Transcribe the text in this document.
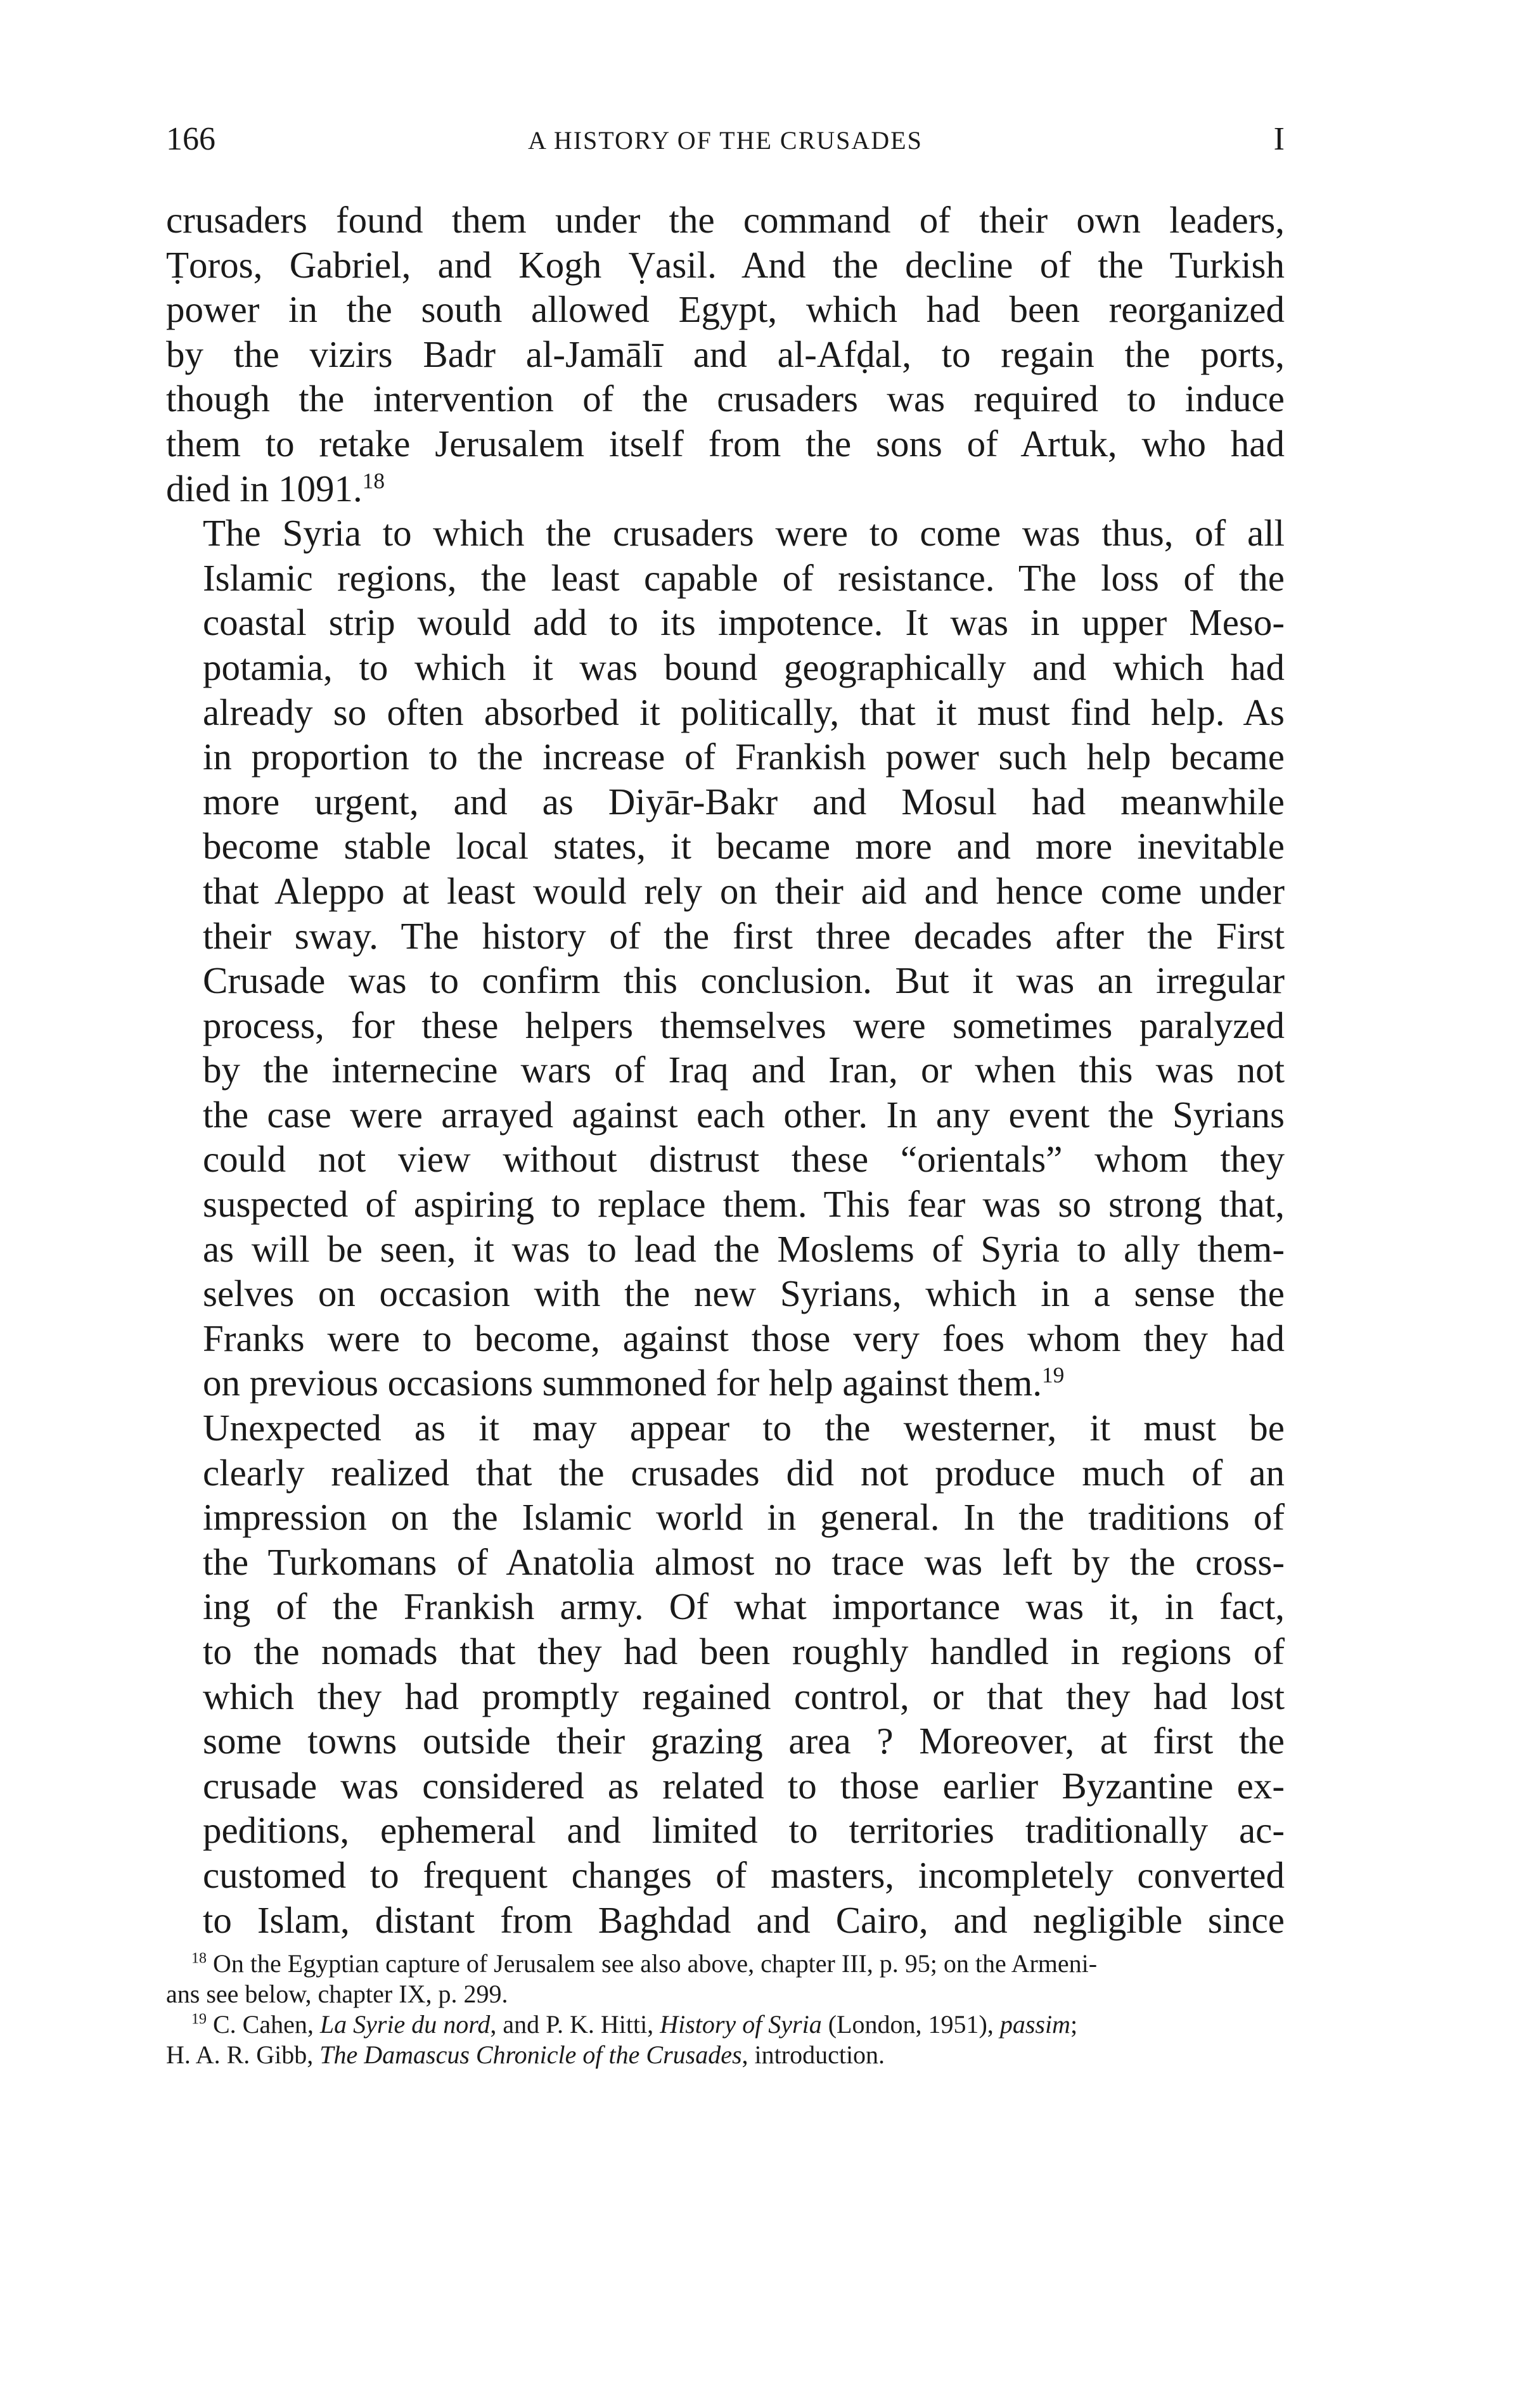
166	A HISTORY OF THE CRUSADES	I

crusaders found them under the command of their own leaders,
Ṭoros, Gabriel, and Kogh Ṿasil. And the decline of the Turkish
power in the south allowed Egypt, which had been reorganized
by the vizirs Badr al-Jamālī and al-Afḍal, to regain the ports,
though the intervention of the crusaders was required to induce
them to retake Jerusalem itself from the sons of Artuk, who had
died in 1091.18

The Syria to which the crusaders were to come was thus, of all
Islamic regions, the least capable of resistance. The loss of the
coastal strip would add to its impotence. It was in upper Meso-
potamia, to which it was bound geographically and which had
already so often absorbed it politically, that it must find help. As
in proportion to the increase of Frankish power such help became
more urgent, and as Diyār-Bakr and Mosul had meanwhile
become stable local states, it became more and more inevitable
that Aleppo at least would rely on their aid and hence come under
their sway. The history of the first three decades after the First
Crusade was to confirm this conclusion. But it was an irregular
process, for these helpers themselves were sometimes paralyzed
by the internecine wars of Iraq and Iran, or when this was not
the case were arrayed against each other. In any event the Syrians
could not view without distrust these “orientals” whom they
suspected of aspiring to replace them. This fear was so strong that,
as will be seen, it was to lead the Moslems of Syria to ally them-
selves on occasion with the new Syrians, which in a sense the
Franks were to become, against those very foes whom they had
on previous occasions summoned for help against them.$^{19}$

Unexpected as it may appear to the westerner, it must be
clearly realized that the crusades did not produce much of an
impression on the Islamic world in general. In the traditions of
the Turkomans of Anatolia almost no trace was left by the cross-
ing of the Frankish army. Of what importance was it, in fact,
to the nomads that they had been roughly handled in regions of
which they had promptly regained control, or that they had lost
some towns outside their grazing area ? Moreover, at first the
crusade was considered as related to those earlier Byzantine ex-
peditions, ephemeral and limited to territories traditionally ac-
customed to frequent changes of masters, incompletely converted
to Islam, distant from Baghdad and Cairo, and negligible since

$^{18}$ On the Egyptian capture of Jerusalem see also above, chapter III, p. 95; on the Armeni-
ans see below, chapter IX, p. 299.

$^{19}$ C. Cahen, La Syrie du nord, and P. K. Hitti, History of Syria (London, 1951), passim;
H. A. R. Gibb, The Damascus Chronicle of the Crusades, introduction.
